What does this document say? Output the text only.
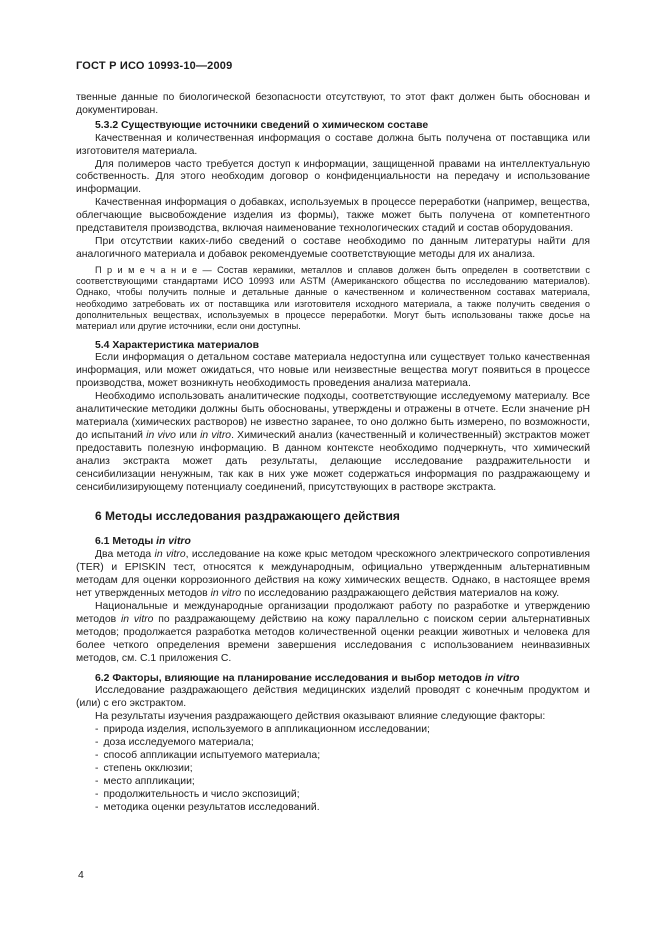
ГОСТ Р ИСО 10993-10—2009
твенные данные по биологической безопасности отсутствуют, то этот факт должен быть обоснован и документирован.
5.3.2 Существующие источники сведений о химическом составе
Качественная и количественная информация о составе должна быть получена от поставщика или изготовителя материала.
Для полимеров часто требуется доступ к информации, защищенной правами на интеллектуальную собственность. Для этого необходим договор о конфиденциальности на передачу и использование информации.
Качественная информация о добавках, используемых в процессе переработки (например, вещества, облегчающие высвобождение изделия из формы), также может быть получена от компетентного представителя производства, включая наименование технологических стадий и состав оборудования.
При отсутствии каких-либо сведений о составе необходимо по данным литературы найти для аналогичного материала и добавок рекомендуемые соответствующие методы для их анализа.
П р и м е ч а н и е — Состав керамики, металлов и сплавов должен быть определен в соответствии с соответствующими стандартами ИСО 10993 или ASTM (Американского общества по исследованию материалов). Однако, чтобы получить полные и детальные данные о качественном и количественном составах материала, необходимо затребовать их от поставщика или изготовителя исходного материала, а также получить сведения о дополнительных веществах, используемых в процессе переработки. Могут быть использованы также досье на материал или другие источники, если они доступны.
5.4 Характеристика материалов
Если информация о детальном составе материала недоступна или существует только качественная информация, или может ожидаться, что новые или неизвестные вещества могут появиться в процессе производства, может возникнуть необходимость проведения анализа материала.
Необходимо использовать аналитические подходы, соответствующие исследуемому материалу. Все аналитические методики должны быть обоснованы, утверждены и отражены в отчете. Если значение pH материала (химических растворов) не известно заранее, то оно должно быть измерено, по возможности, до испытаний in vivo или in vitro. Химический анализ (качественный и количественный) экстрактов может предоставить полезную информацию. В данном контексте необходимо подчеркнуть, что химический анализ экстракта может дать результаты, делающие исследование раздражительности и сенсибилизации ненужным, так как в них уже может содержаться информация по раздражающему и сенсибилизирующему потенциалу соединений, присутствующих в растворе экстракта.
6 Методы исследования раздражающего действия
6.1 Методы in vitro
Два метода in vitro, исследование на коже крыс методом чрескожного электрического сопротивления (TER) и EPISKIN тест, относятся к международным, официально утвержденным альтернативным методам для оценки коррозионного действия на кожу химических веществ. Однако, в настоящее время нет утвержденных методов in vitro по исследованию раздражающего действия материалов на кожу.
Национальные и международные организации продолжают работу по разработке и утверждению методов in vitro по раздражающему действию на кожу параллельно с поиском серии альтернативных методов; продолжается разработка методов количественной оценки реакции животных и человека для более четкого определения времени завершения исследования с использованием неинвазивных методов, см. С.1 приложения С.
6.2 Факторы, влияющие на планирование исследования и выбор методов in vitro
Исследование раздражающего действия медицинских изделий проводят с конечным продуктом и (или) с его экстрактом.
На результаты изучения раздражающего действия оказывают влияние следующие факторы:
- природа изделия, используемого в аппликационном исследовании;
- доза исследуемого материала;
- способ аппликации испытуемого материала;
- степень окклюзии;
- место аппликации;
- продолжительность и число экспозиций;
- методика оценки результатов исследований.
4
